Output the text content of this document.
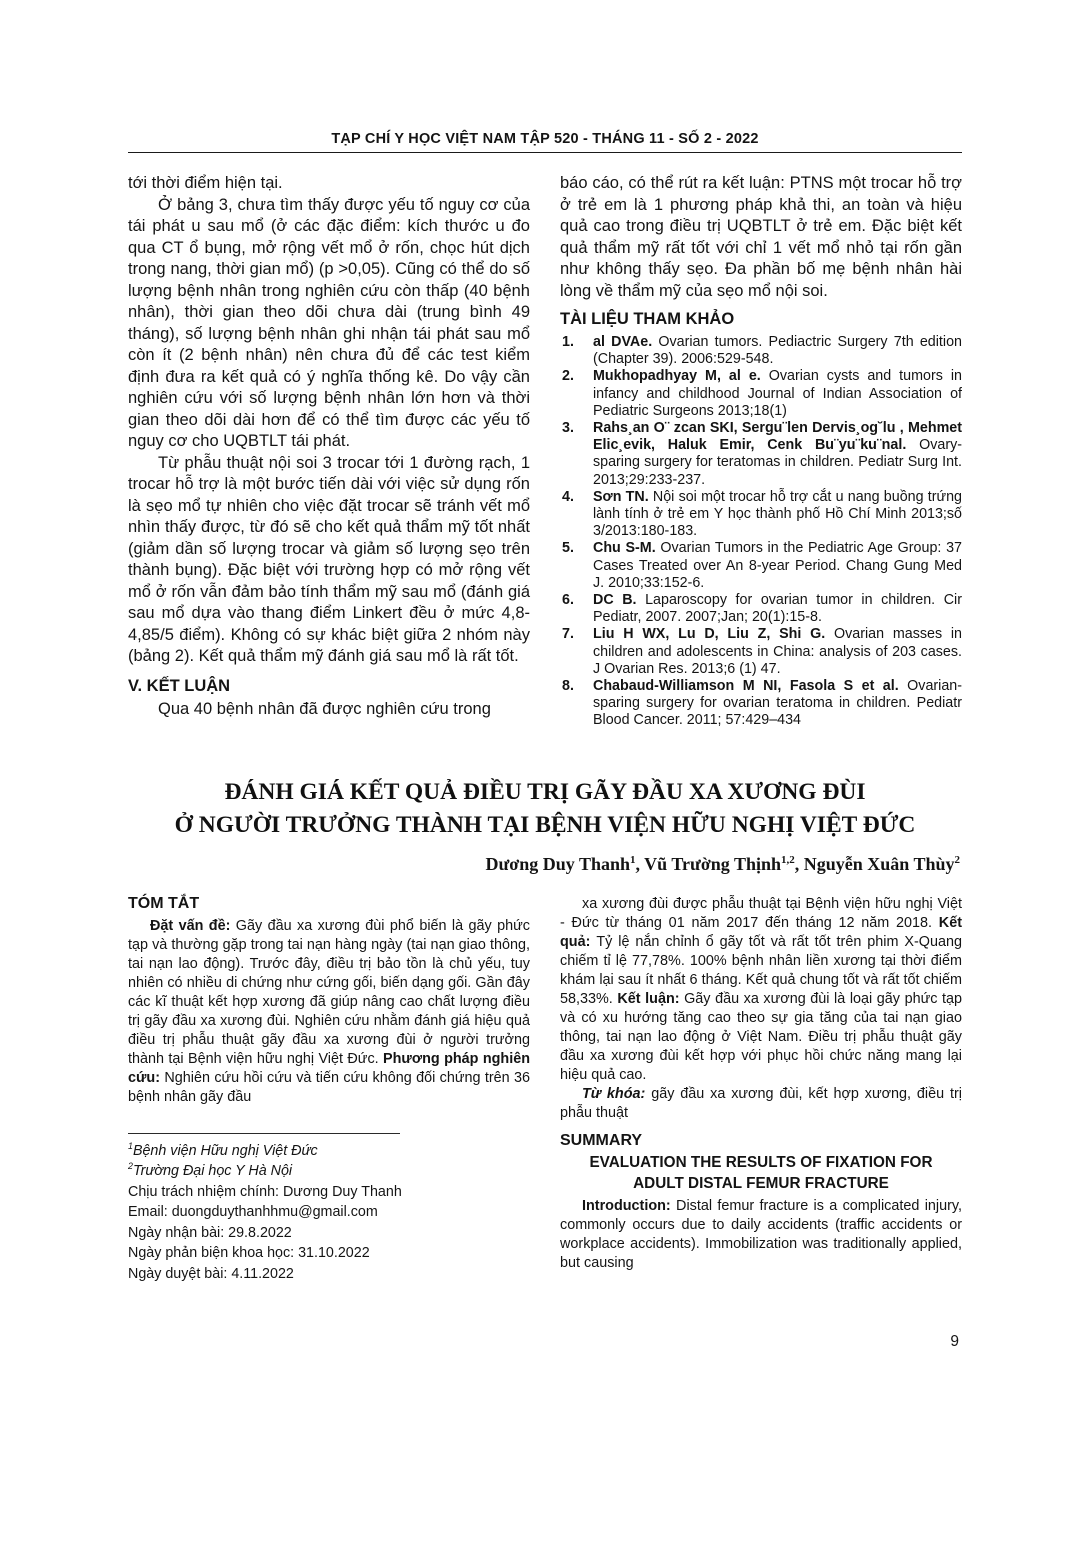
TẠP CHÍ Y HỌC VIỆT NAM TẬP 520 - THÁNG 11 - SỐ 2 - 2022

tới thời điểm hiện tại.

Ở bảng 3, chưa tìm thấy được yếu tố nguy cơ của tái phát u sau mổ (ở các đặc điểm: kích thước u đo qua CT ổ bụng, mở rộng vết mổ ở rốn, chọc hút dịch trong nang, thời gian mổ) (p >0,05). Cũng có thể do số lượng bệnh nhân trong nghiên cứu còn thấp (40 bệnh nhân), thời gian theo dõi chưa dài (trung bình 49 tháng), số lượng bệnh nhân ghi nhận tái phát sau mổ còn ít (2 bệnh nhân) nên chưa đủ để các test kiểm định đưa ra kết quả có ý nghĩa thống kê. Do vậy cần nghiên cứu với số lượng bệnh nhân lớn hơn và thời gian theo dõi dài hơn để có thể tìm được các yếu tố nguy cơ cho UQBTLT tái phát.

Từ phẫu thuật nội soi 3 trocar tới 1 đường rạch, 1 trocar hỗ trợ là một bước tiến dài với việc sử dụng rốn là sẹo mổ tự nhiên cho việc đặt trocar sẽ tránh vết mổ nhìn thấy được, từ đó sẽ cho kết quả thẩm mỹ tốt nhất (giảm dần số lượng trocar và giảm số lượng sẹo trên thành bụng). Đặc biệt với trường hợp có mở rộng vết mổ ở rốn vẫn đảm bảo tính thẩm mỹ sau mổ (đánh giá sau mổ dựa vào thang điểm Linkert đều ở mức 4,8-4,85/5 điểm). Không có sự khác biệt giữa 2 nhóm này (bảng 2). Kết quả thẩm mỹ đánh giá sau mổ là rất tốt.

V. KẾT LUẬN

Qua 40 bệnh nhân đã được nghiên cứu trong

báo cáo, có thể rút ra kết luận: PTNS một trocar hỗ trợ ở trẻ em là 1 phương pháp khả thi, an toàn và hiệu quả cao trong điều trị UQBTLT ở trẻ em. Đặc biệt kết quả thẩm mỹ rất tốt với chỉ 1 vết mổ nhỏ tại rốn gần như không thấy sẹo. Đa phần bố mẹ bệnh nhân hài lòng về thẩm mỹ của sẹo mổ nội soi.

TÀI LIỆU THAM KHẢO
1.	al DVAe. Ovarian tumors. Pediactric Surgery 7th edition (Chapter 39). 2006:529-548.
2.	Mukhopadhyay M, al e. Ovarian cysts and tumors in infancy and childhood Journal of Indian Association of Pediatric Surgeons 2013;18(1)
3.	Rahs¸an O¨ zcan SKI, Sergu¨len Dervis¸og˘lu , Mehmet Elic¸evik, Haluk Emir, Cenk Bu¨yu¨ku¨nal. Ovary-sparing surgery for teratomas in children. Pediatr Surg Int. 2013;29:233-237.
4.	Sơn TN. Nội soi một trocar hỗ trợ cắt u nang buồng trứng lành tính ở trẻ em Y học thành phố Hồ Chí Minh 2013;số 3/2013:180-183.
5.	Chu S-M. Ovarian Tumors in the Pediatric Age Group: 37 Cases Treated over An 8-year Period. Chang Gung Med J. 2010;33:152-6.
6.	DC B. Laparoscopy for ovarian tumor in children. Cir Pediatr, 2007. 2007;Jan; 20(1):15-8.
7.	Liu H WX, Lu D, Liu Z, Shi G. Ovarian masses in children and adolescents in China: analysis of 203 cases. J Ovarian Res. 2013;6 (1) 47.
8.	Chabaud-Williamson M NI, Fasola S et al. Ovarian-sparing surgery for ovarian teratoma in children. Pediatr Blood Cancer. 2011; 57:429–434
ĐÁNH GIÁ KẾT QUẢ ĐIỀU TRỊ GÃY ĐẦU XA XƯƠNG ĐÙI
Ở NGƯỜI TRƯỞNG THÀNH TẠI BỆNH VIỆN HỮU NGHỊ VIỆT ĐỨC
Dương Duy Thanh$^1$, Vũ Trường Thịnh$^{1,2}$, Nguyễn Xuân Thùy$^2$
TÓM TẮT

Đặt vấn đề: Gãy đầu xa xương đùi phổ biến là gãy phức tạp và thường gặp trong tai nạn hàng ngày (tai nạn giao thông, tai nạn lao động). Trước đây, điều trị bảo tồn là chủ yếu, tuy nhiên có nhiều di chứng như cứng gối, biến dạng gối. Gần đây các kĩ thuật kết hợp xương đã giúp nâng cao chất lượng điều trị gãy đầu xa xương đùi. Nghiên cứu nhằm đánh giá hiệu quả điều trị phẫu thuật gãy đầu xa xương đùi ở người trưởng thành tại Bệnh viện hữu nghị Việt Đức. Phương pháp nghiên cứu: Nghiên cứu hồi cứu và tiến cứu không đối chứng trên 36 bệnh nhân gãy đầu

$^1$Bệnh viện Hữu nghị Việt Đức

$^2$Trường Đại học Y Hà Nội

Chịu trách nhiệm chính: Dương Duy Thanh

Email: duongduythanhhmu@gmail.com

Ngày nhận bài: 29.8.2022

Ngày phản biện khoa học: 31.10.2022

Ngày duyệt bài: 4.11.2022

xa xương đùi được phẫu thuật tại Bệnh viện hữu nghị Việt - Đức từ tháng 01 năm 2017 đến tháng 12 năm 2018. Kết quả: Tỷ lệ nắn chỉnh ổ gãy tốt và rất tốt trên phim X-Quang chiếm tỉ lệ 77,78%. 100% bệnh nhân liền xương tại thời điểm khám lại sau ít nhất 6 tháng. Kết quả chung tốt và rất tốt chiếm 58,33%. Kết luận: Gãy đầu xa xương đùi là loại gãy phức tạp và có xu hướng tăng cao theo sự gia tăng của tai nạn giao thông, tai nạn lao động ở Việt Nam. Điều trị phẫu thuật gãy đầu xa xương đùi kết hợp với phục hồi chức năng mang lại hiệu quả cao.

Từ khóa: gãy đầu xa xương đùi, kết hợp xương, điều trị phẫu thuật

SUMMARY
EVALUATION THE RESULTS OF FIXATION FOR ADULT DISTAL FEMUR FRACTURE

Introduction: Distal femur fracture is a complicated injury, commonly occurs due to daily accidents (traffic accidents or workplace accidents). Immobilization was traditionally applied, but causing

9
